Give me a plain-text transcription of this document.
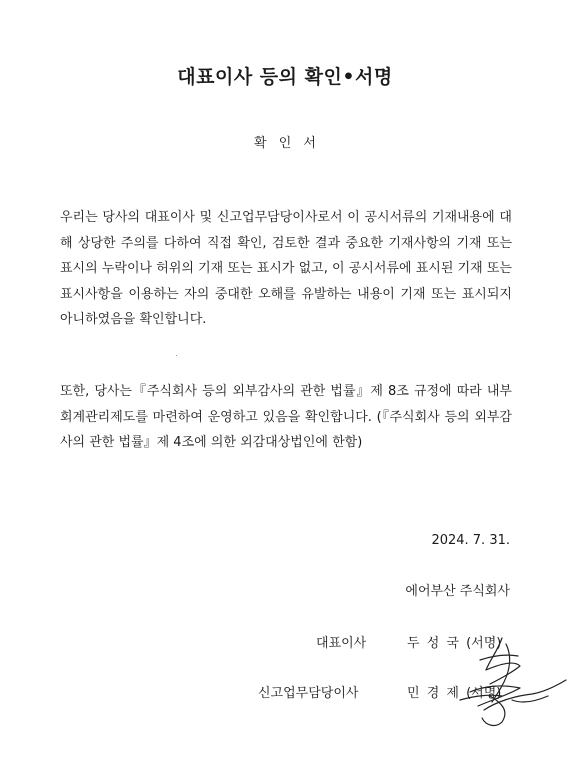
대표이사 등의 확인•서명
확 인 서

우리는 당사의 대표이사 및 신고업무담당이사로서 이 공시서류의 기재내용에 대해 상당한 주의를 다하여 직접 확인, 검토한 결과 중요한 기재사항의 기재 또는 표시의 누락이나 허위의 기재 또는 표시가 없고, 이 공시서류에 표시된 기재 또는 표시사항을 이용하는 자의 중대한 오해를 유발하는 내용이 기재 또는 표시되지 아니하였음을 확인합니다.

또한, 당사는『주식회사 등의 외부감사의 관한 법률』제 8조 규정에 따라 내부회계관리제도를 마련하여 운영하고 있음을 확인합니다. (『주식회사 등의 외부감사의 관한 법률』제 4조에 의한 외감대상법인에 한함)

2024. 7. 31.
에어부산 주식회사
대표이사	두 성 국 (서명)
신고업무담당이사	민 경 제 (서명)
